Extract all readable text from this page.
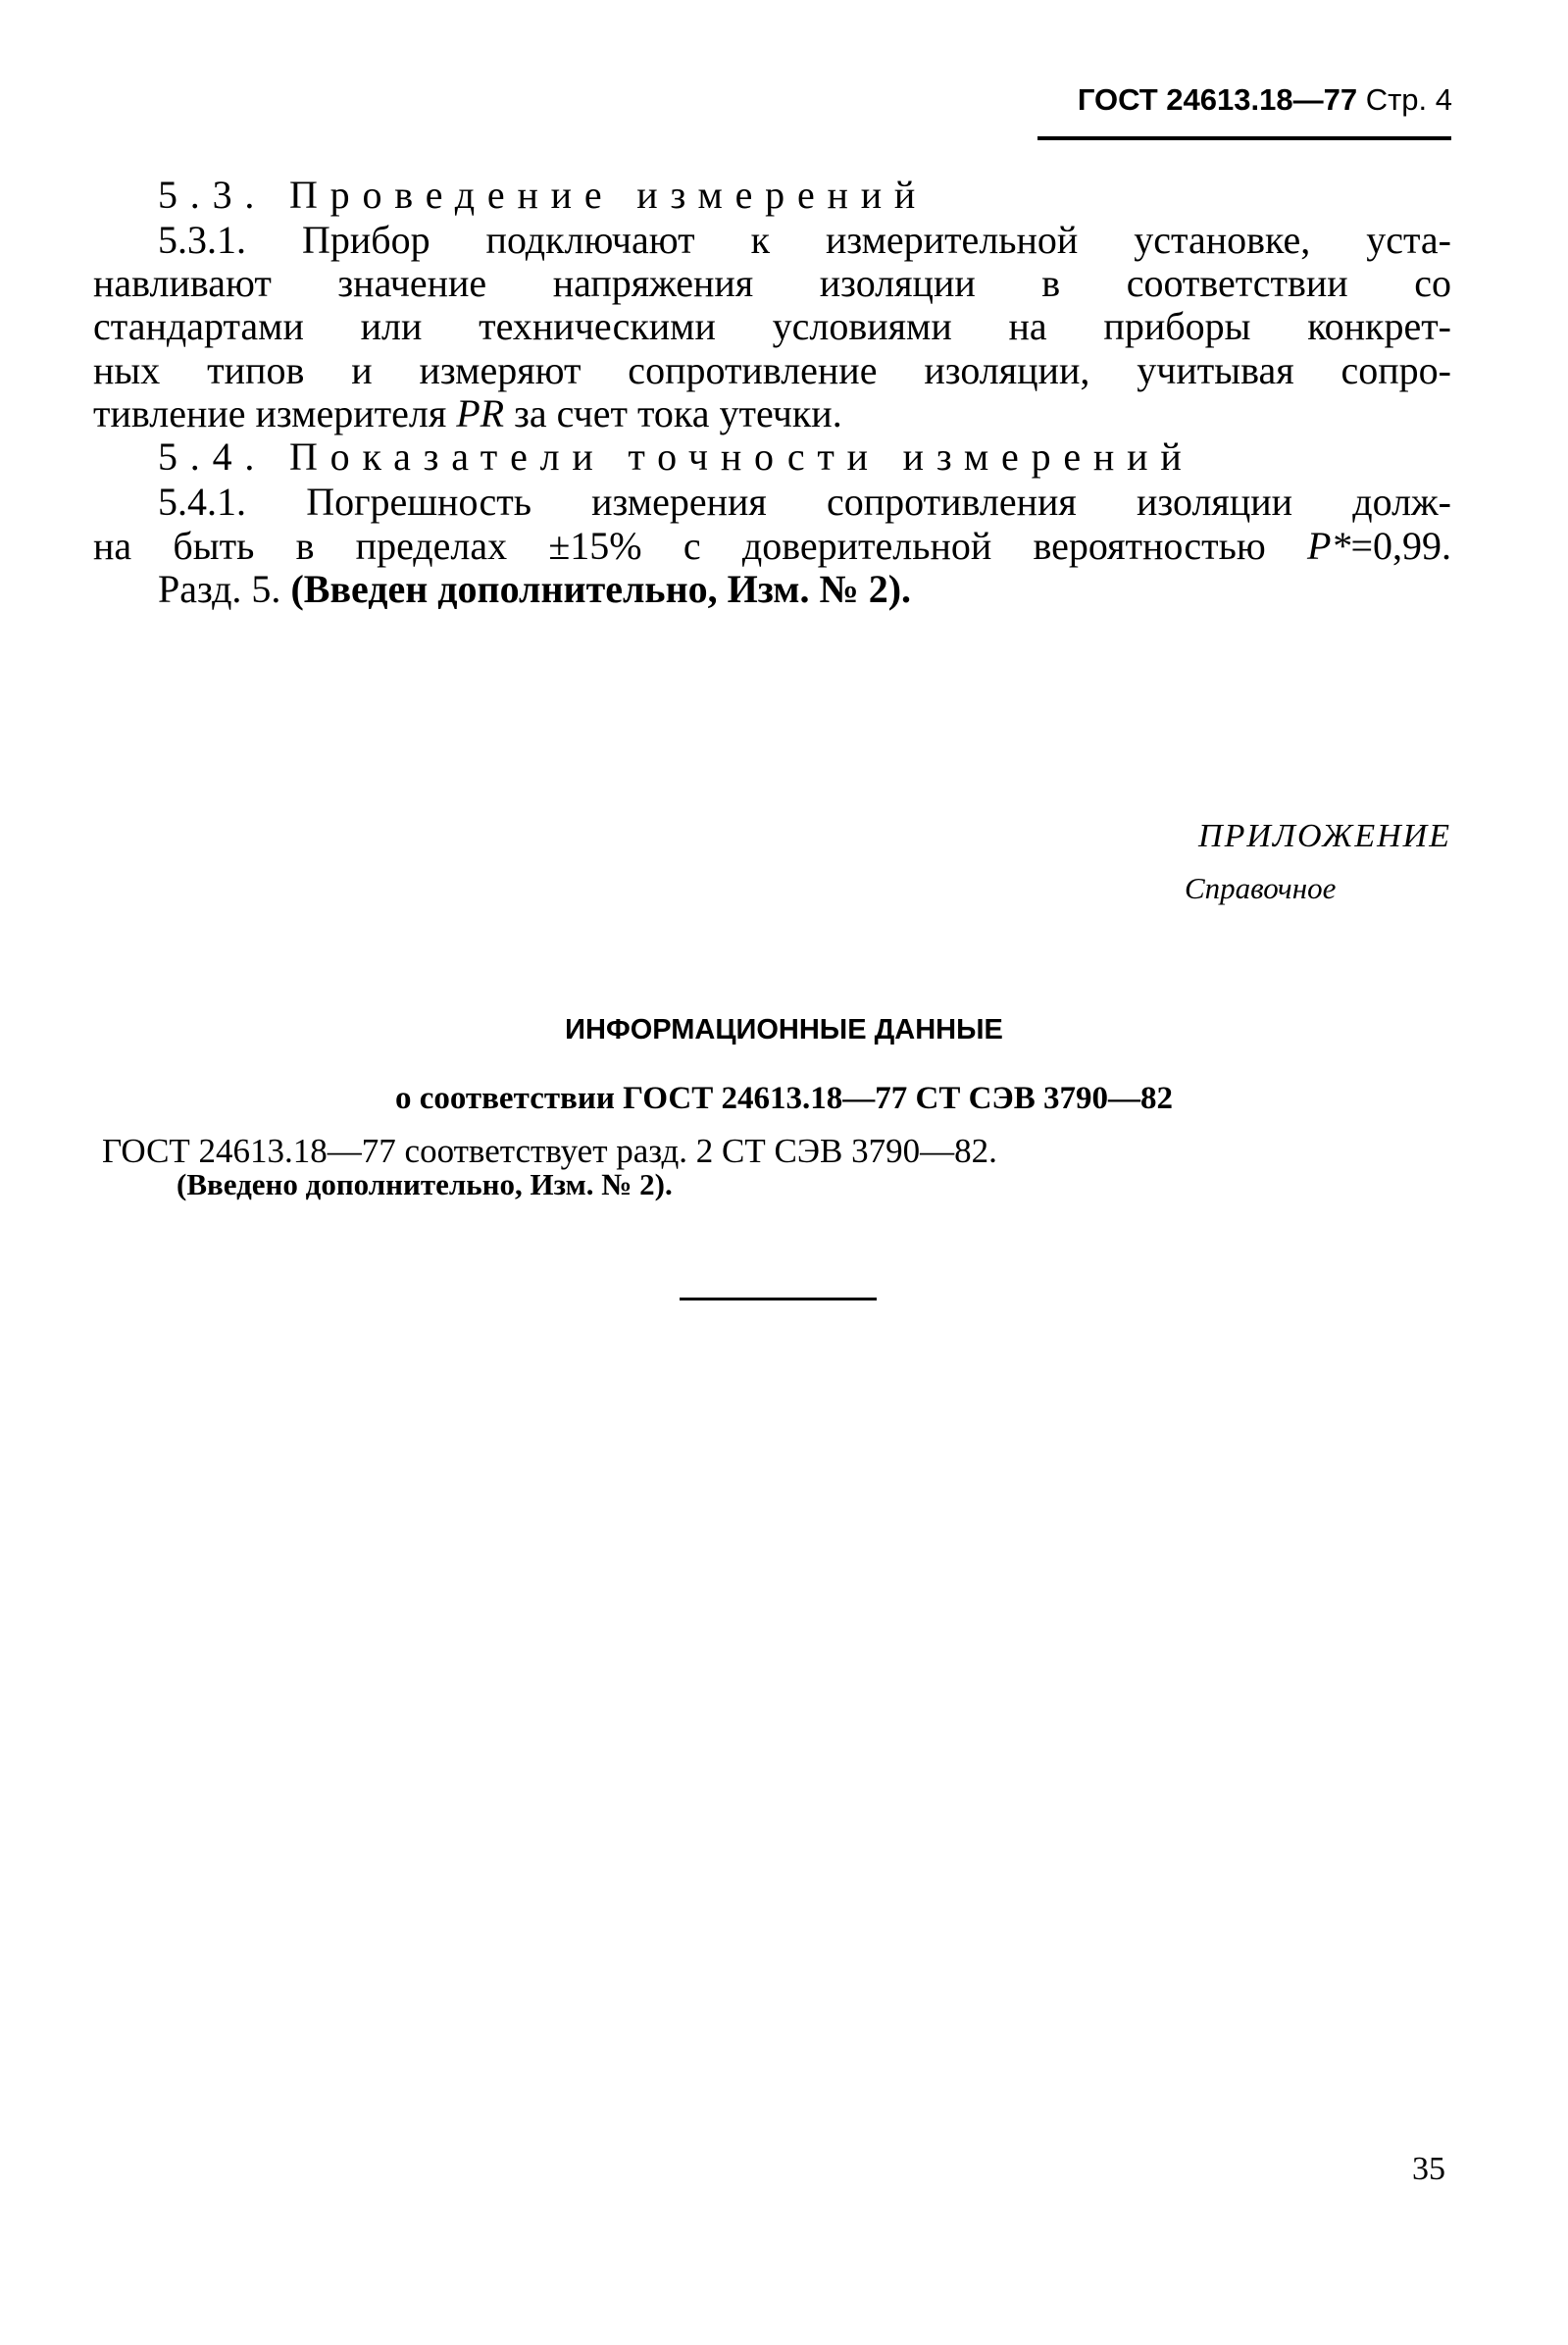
ГОСТ 24613.18—77 Стр. 4
5.3. Проведение измерений
5.3.1. Прибор подключают к измерительной установке, уста-
навливают значение напряжения изоляции в соответствии со
стандартами или техническими условиями на приборы конкрет-
ных типов и измеряют сопротивление изоляции, учитывая сопро-
тивление измерителя PR за счет тока утечки.
5.4. Показатели точности измерений
5.4.1. Погрешность измерения сопротивления изоляции долж-
на быть в пределах ±15% с доверительной вероятностью P*=0,99.
Разд. 5. (Введен дополнительно, Изм. № 2).
ПРИЛОЖЕНИЕ
Справочное
ИНФОРМАЦИОННЫЕ ДАННЫЕ
о соответствии ГОСТ 24613.18—77 СТ СЭВ 3790—82
ГОСТ 24613.18—77 соответствует разд. 2 СТ СЭВ 3790—82.
(Введено дополнительно, Изм. № 2).
35
